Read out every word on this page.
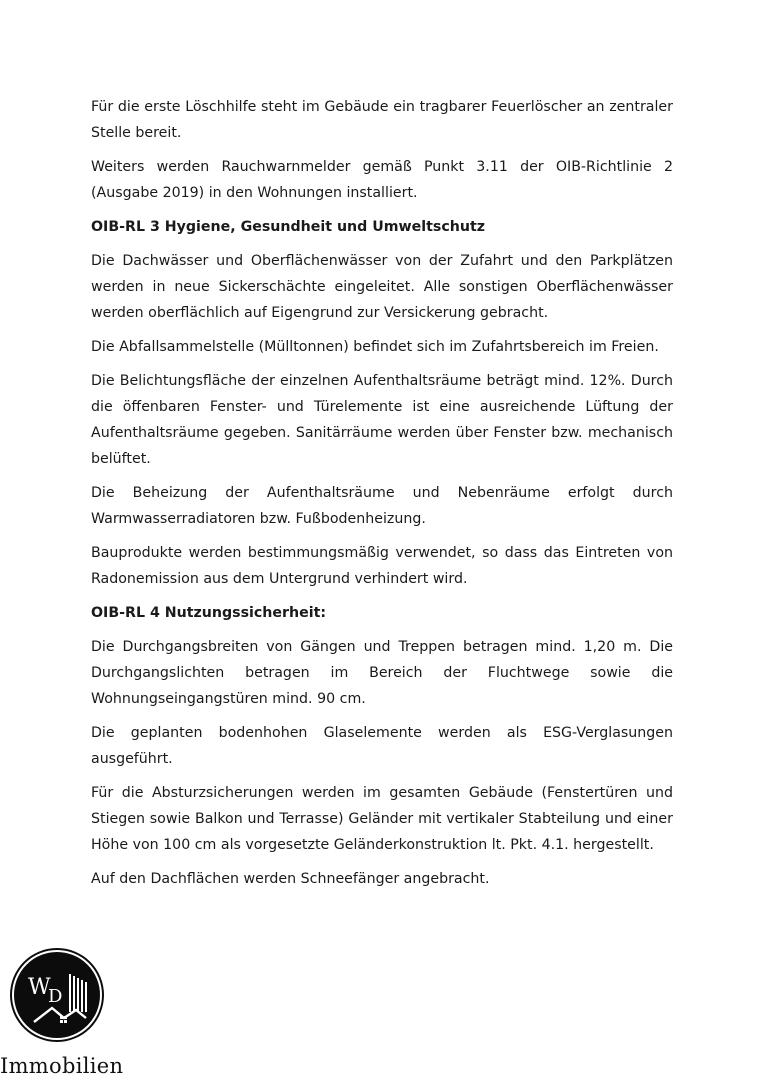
Für die erste Löschhilfe steht im Gebäude ein tragbarer Feuerlöscher an zentraler Stelle bereit.

Weiters werden Rauchwarnmelder gemäß Punkt 3.11 der OIB-Richtlinie 2 (Ausgabe 2019) in den Wohnungen installiert.

OIB-RL 3 Hygiene, Gesundheit und Umweltschutz

Die Dachwässer und Oberflächenwässer von der Zufahrt und den Parkplätzen werden in neue Sickerschächte eingeleitet. Alle sonstigen Oberflächenwässer werden oberflächlich auf Eigengrund zur Versickerung gebracht.

Die Abfallsammelstelle (Mülltonnen) befindet sich im Zufahrtsbereich im Freien.

Die Belichtungsfläche der einzelnen Aufenthaltsräume beträgt mind. 12%. Durch die öffenbaren Fenster- und Türelemente ist eine ausreichende Lüftung der Aufenthaltsräume gegeben. Sanitärräume werden über Fenster bzw. mechanisch belüftet.

Die Beheizung der Aufenthaltsräume und Nebenräume erfolgt durch Warmwasserradiatoren bzw. Fußbodenheizung.

Bauprodukte werden bestimmungsmäßig verwendet, so dass das Eintreten von Radonemission aus dem Untergrund verhindert wird.

OIB-RL 4 Nutzungssicherheit:

Die Durchgangsbreiten von Gängen und Treppen betragen mind. 1,20 m. Die Durchgangslichten betragen im Bereich der Fluchtwege sowie die Wohnungseingangstüren mind. 90 cm.

Die geplanten bodenhohen Glaselemente werden als ESG-Verglasungen ausgeführt.

Für die Absturzsicherungen werden im gesamten Gebäude (Fenstertüren und Stiegen sowie Balkon und Terrasse) Geländer mit vertikaler Stabteilung und einer Höhe von 100 cm als vorgesetzte Geländerkonstruktion lt. Pkt. 4.1. hergestellt.

Auf den Dachflächen werden Schneefänger angebracht.

W
D
Immobilien
